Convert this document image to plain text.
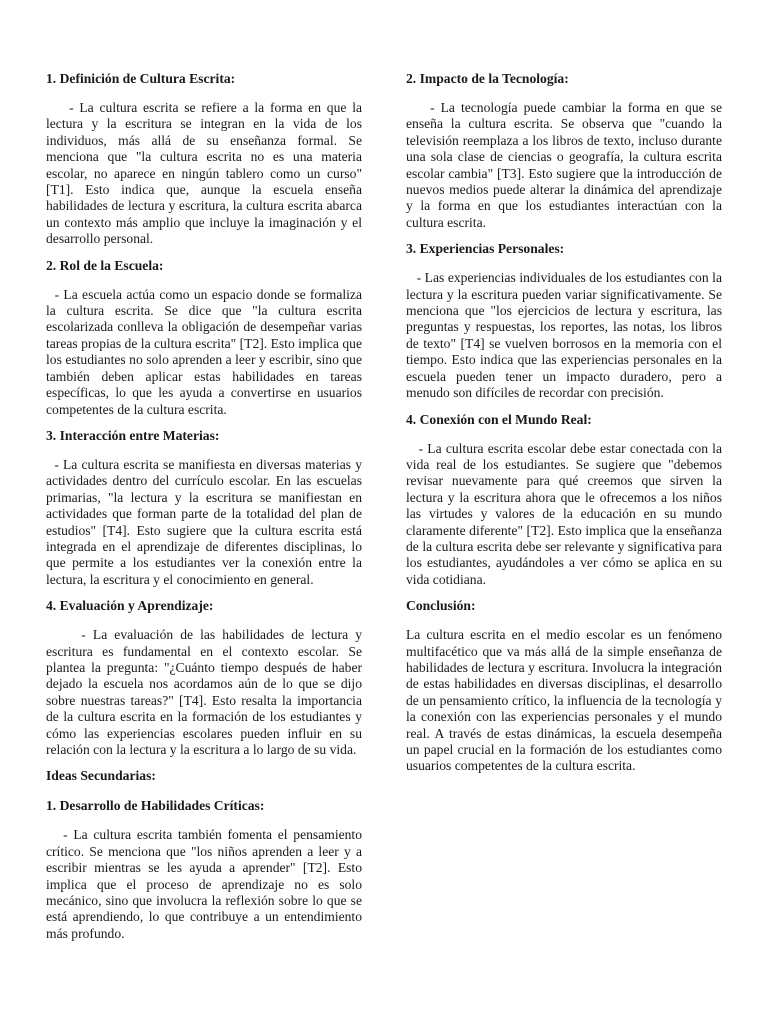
1. Definición de Cultura Escrita:

- La cultura escrita se refiere a la forma en que la lectura y la escritura se integran en la vida de los individuos, más allá de su enseñanza formal. Se menciona que "la cultura escrita no es una materia escolar, no aparece en ningún tablero como un curso" [T1]. Esto indica que, aunque la escuela enseña habilidades de lectura y escritura, la cultura escrita abarca un contexto más amplio que incluye la imaginación y el desarrollo personal.

2. Rol de la Escuela:

- La escuela actúa como un espacio donde se formaliza la cultura escrita. Se dice que "la cultura escrita escolarizada conlleva la obligación de desempeñar varias tareas propias de la cultura escrita" [T2]. Esto implica que los estudiantes no solo aprenden a leer y escribir, sino que también deben aplicar estas habilidades en tareas específicas, lo que les ayuda a convertirse en usuarios competentes de la cultura escrita.

3. Interacción entre Materias:

- La cultura escrita se manifiesta en diversas materias y actividades dentro del currículo escolar. En las escuelas primarias, "la lectura y la escritura se manifiestan en actividades que forman parte de la totalidad del plan de estudios" [T4]. Esto sugiere que la cultura escrita está integrada en el aprendizaje de diferentes disciplinas, lo que permite a los estudiantes ver la conexión entre la lectura, la escritura y el conocimiento en general.

4. Evaluación y Aprendizaje:

- La evaluación de las habilidades de lectura y escritura es fundamental en el contexto escolar. Se plantea la pregunta: "¿Cuánto tiempo después de haber dejado la escuela nos acordamos aún de lo que se dijo sobre nuestras tareas?" [T4]. Esto resalta la importancia de la cultura escrita en la formación de los estudiantes y cómo las experiencias escolares pueden influir en su relación con la lectura y la escritura a lo largo de su vida.

Ideas Secundarias:
1. Desarrollo de Habilidades Críticas:

- La cultura escrita también fomenta el pensamiento crítico. Se menciona que "los niños aprenden a leer y a escribir mientras se les ayuda a aprender" [T2]. Esto implica que el proceso de aprendizaje no es solo mecánico, sino que involucra la reflexión sobre lo que se está aprendiendo, lo que contribuye a un entendimiento más profundo.

2. Impacto de la Tecnología:

- La tecnología puede cambiar la forma en que se enseña la cultura escrita. Se observa que "cuando la televisión reemplaza a los libros de texto, incluso durante una sola clase de ciencias o geografía, la cultura escrita escolar cambia" [T3]. Esto sugiere que la introducción de nuevos medios puede alterar la dinámica del aprendizaje y la forma en que los estudiantes interactúan con la cultura escrita.

3. Experiencias Personales:

- Las experiencias individuales de los estudiantes con la lectura y la escritura pueden variar significativamente. Se menciona que "los ejercicios de lectura y escritura, las preguntas y respuestas, los reportes, las notas, los libros de texto" [T4] se vuelven borrosos en la memoria con el tiempo. Esto indica que las experiencias personales en la escuela pueden tener un impacto duradero, pero a menudo son difíciles de recordar con precisión.

4. Conexión con el Mundo Real:

- La cultura escrita escolar debe estar conectada con la vida real de los estudiantes. Se sugiere que "debemos revisar nuevamente para qué creemos que sirven la lectura y la escritura ahora que le ofrecemos a los niños las virtudes y valores de la educación en su mundo claramente diferente" [T2]. Esto implica que la enseñanza de la cultura escrita debe ser relevante y significativa para los estudiantes, ayudándoles a ver cómo se aplica en su vida cotidiana.

Conclusión:

La cultura escrita en el medio escolar es un fenómeno multifacético que va más allá de la simple enseñanza de habilidades de lectura y escritura. Involucra la integración de estas habilidades en diversas disciplinas, el desarrollo de un pensamiento crítico, la influencia de la tecnología y la conexión con las experiencias personales y el mundo real. A través de estas dinámicas, la escuela desempeña un papel crucial en la formación de los estudiantes como usuarios competentes de la cultura escrita.
